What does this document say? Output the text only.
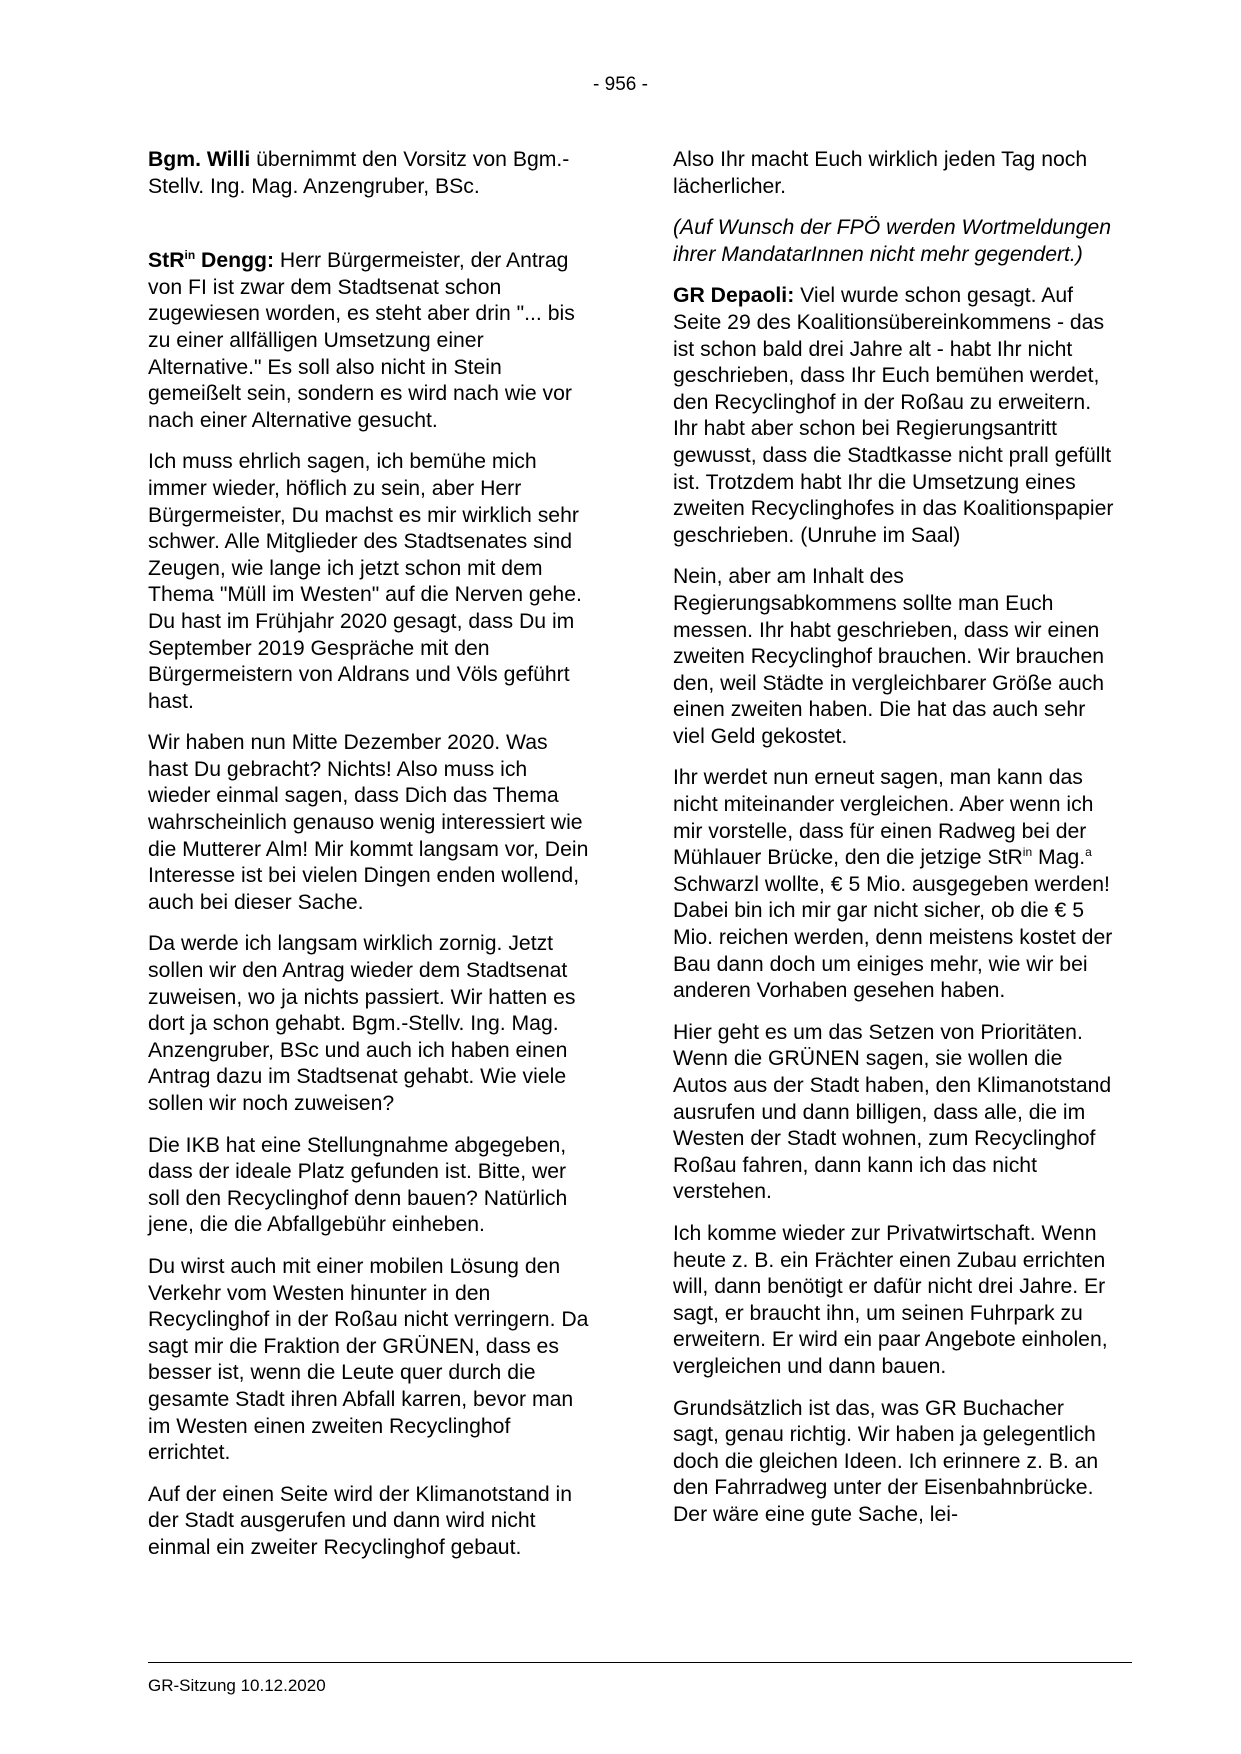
- 956 -

Bgm. Willi übernimmt den Vorsitz von Bgm.-Stellv. Ing. Mag. Anzengruber, BSc.

StR$^{in}$ Dengg: Herr Bürgermeister, der Antrag von FI ist zwar dem Stadtsenat schon zugewiesen worden, es steht aber drin "... bis zu einer allfälligen Umsetzung einer Alternative." Es soll also nicht in Stein gemeißelt sein, sondern es wird nach wie vor nach einer Alternative gesucht.

Ich muss ehrlich sagen, ich bemühe mich immer wieder, höflich zu sein, aber Herr Bürgermeister, Du machst es mir wirklich sehr schwer. Alle Mitglieder des Stadtsenates sind Zeugen, wie lange ich jetzt schon mit dem Thema "Müll im Westen" auf die Nerven gehe. Du hast im Frühjahr 2020 gesagt, dass Du im September 2019 Gespräche mit den Bürgermeistern von Aldrans und Völs geführt hast.

Wir haben nun Mitte Dezember 2020. Was hast Du gebracht? Nichts! Also muss ich wieder einmal sagen, dass Dich das Thema wahrscheinlich genauso wenig interessiert wie die Mutterer Alm! Mir kommt langsam vor, Dein Interesse ist bei vielen Dingen enden wollend, auch bei dieser Sache.

Da werde ich langsam wirklich zornig. Jetzt sollen wir den Antrag wieder dem Stadtsenat zuweisen, wo ja nichts passiert. Wir hatten es dort ja schon gehabt. Bgm.-Stellv. Ing. Mag. Anzengruber, BSc und auch ich haben einen Antrag dazu im Stadtsenat gehabt. Wie viele sollen wir noch zuweisen?

Die IKB hat eine Stellungnahme abgegeben, dass der ideale Platz gefunden ist. Bitte, wer soll den Recyclinghof denn bauen? Natürlich jene, die die Abfallgebühr einheben.

Du wirst auch mit einer mobilen Lösung den Verkehr vom Westen hinunter in den Recyclinghof in der Roßau nicht verringern. Da sagt mir die Fraktion der GRÜNEN, dass es besser ist, wenn die Leute quer durch die gesamte Stadt ihren Abfall karren, bevor man im Westen einen zweiten Recyclinghof errichtet.

Auf der einen Seite wird der Klimanotstand in der Stadt ausgerufen und dann wird nicht einmal ein zweiter Recyclinghof gebaut.

Also Ihr macht Euch wirklich jeden Tag noch lächerlicher.

(Auf Wunsch der FPÖ werden Wortmeldungen ihrer MandatarInnen nicht mehr gegendert.)

GR Depaoli: Viel wurde schon gesagt. Auf Seite 29 des Koalitionsübereinkommens - das ist schon bald drei Jahre alt - habt Ihr nicht geschrieben, dass Ihr Euch bemühen werdet, den Recyclinghof in der Roßau zu erweitern. Ihr habt aber schon bei Regierungsantritt gewusst, dass die Stadtkasse nicht prall gefüllt ist. Trotzdem habt Ihr die Umsetzung eines zweiten Recyclinghofes in das Koalitionspapier geschrieben. (Unruhe im Saal)

Nein, aber am Inhalt des Regierungsabkommens sollte man Euch messen. Ihr habt geschrieben, dass wir einen zweiten Recyclinghof brauchen. Wir brauchen den, weil Städte in vergleichbarer Größe auch einen zweiten haben. Die hat das auch sehr viel Geld gekostet.

Ihr werdet nun erneut sagen, man kann das nicht miteinander vergleichen. Aber wenn ich mir vorstelle, dass für einen Radweg bei der Mühlauer Brücke, den die jetzige StR$^{in}$ Mag.$^a$ Schwarzl wollte, € 5 Mio. ausgegeben werden! Dabei bin ich mir gar nicht sicher, ob die € 5 Mio. reichen werden, denn meistens kostet der Bau dann doch um einiges mehr, wie wir bei anderen Vorhaben gesehen haben.

Hier geht es um das Setzen von Prioritäten. Wenn die GRÜNEN sagen, sie wollen die Autos aus der Stadt haben, den Klimanotstand ausrufen und dann billigen, dass alle, die im Westen der Stadt wohnen, zum Recyclinghof Roßau fahren, dann kann ich das nicht verstehen.

Ich komme wieder zur Privatwirtschaft. Wenn heute z. B. ein Frächter einen Zubau errichten will, dann benötigt er dafür nicht drei Jahre. Er sagt, er braucht ihn, um seinen Fuhrpark zu erweitern. Er wird ein paar Angebote einholen, vergleichen und dann bauen.

Grundsätzlich ist das, was GR Buchacher sagt, genau richtig. Wir haben ja gelegentlich doch die gleichen Ideen. Ich erinnere z. B. an den Fahrradweg unter der Eisenbahnbrücke. Der wäre eine gute Sache, lei-

GR-Sitzung 10.12.2020
